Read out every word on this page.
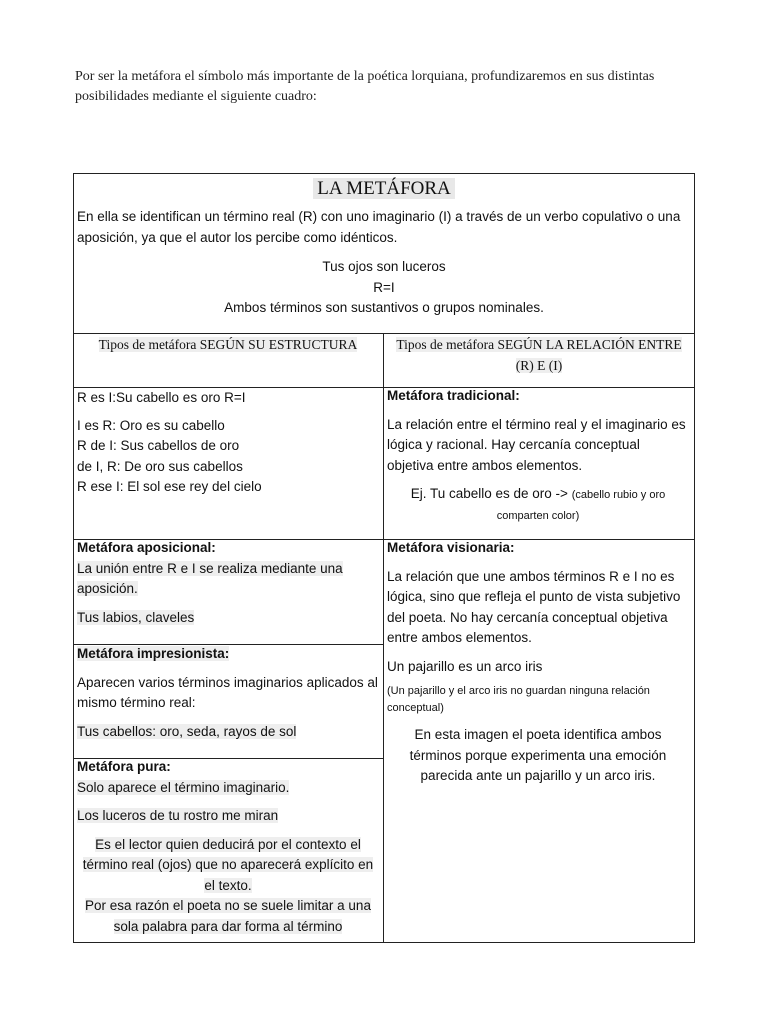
Por ser la metáfora el símbolo más importante de la poética lorquiana, profundizaremos en sus distintas posibilidades mediante el siguiente cuadro:

LA METÁFORA

En ella se identifican un término real (R) con uno imaginario (I) a través de un verbo copulativo o una aposición, ya que el autor los percibe como idénticos.

Tus ojos son luceros

R=I

Ambos términos son sustantivos o grupos nominales.

Tipos de metáfora SEGÚN SU ESTRUCTURA	Tipos de metáfora SEGÚN LA RELACIÓN ENTRE (R) E (I)

R es I:Su cabello es oro R=I

I es R: Oro es su cabello

R de I: Sus cabellos de oro

de I, R: De oro sus cabellos

R ese I: El sol ese rey del cielo

Metáfora tradicional:

La relación entre el término real y el imaginario es lógica y racional. Hay cercanía conceptual objetiva entre ambos elementos.

Ej. Tu cabello es de oro -> (cabello rubio y oro comparten color)

Metáfora aposicional:

La unión entre R e I se realiza mediante una aposición.

Tus labios, claveles

Metáfora impresionista:

Aparecen varios términos imaginarios aplicados al mismo término real:

Tus cabellos: oro, seda, rayos de sol

Metáfora pura:

Solo aparece el término imaginario.

Los luceros de tu rostro me miran

Es el lector quien deducirá por el contexto el término real (ojos) que no aparecerá explícito en el texto.

Por esa razón el poeta no se suele limitar a una sola palabra para dar forma al término

Metáfora visionaria:

La relación que une ambos términos R e I no es lógica, sino que refleja el punto de vista subjetivo del poeta. No hay cercanía conceptual objetiva entre ambos elementos.

Un pajarillo es un arco iris

(Un pajarillo y el arco iris no guardan ninguna relación conceptual)

En esta imagen el poeta identifica ambos términos porque experimenta una emoción parecida ante un pajarillo y un arco iris.
